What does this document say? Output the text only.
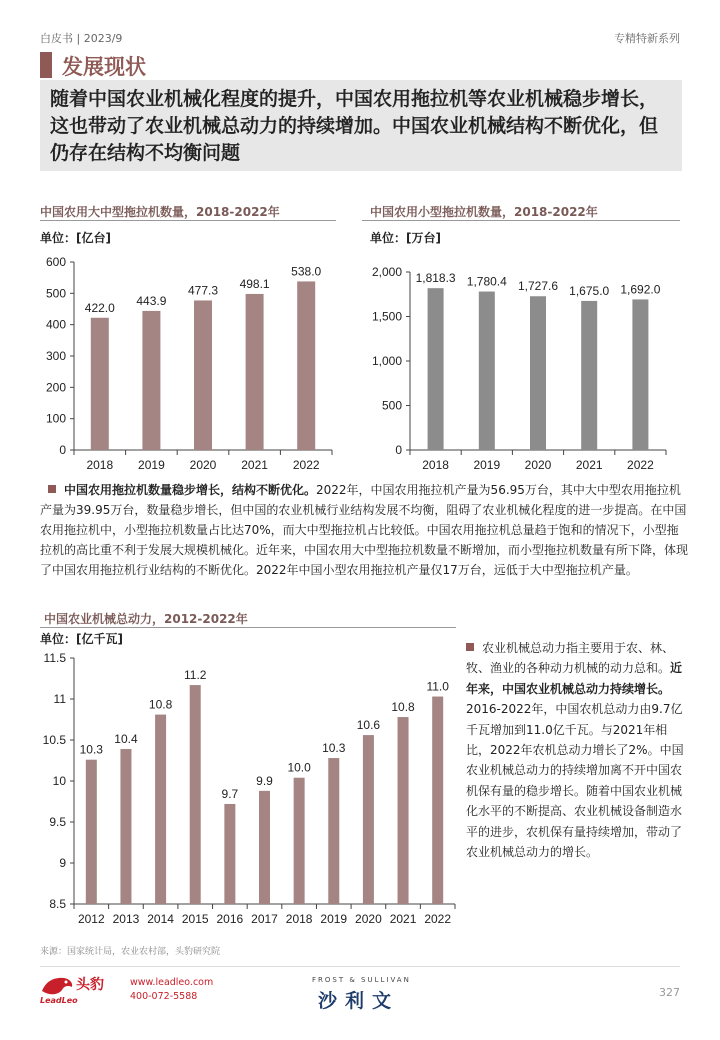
白皮书 | 2023/9	专精特新系列
发展现状
随着中国农业机械化程度的提升，中国农用拖拉机等农业机械稳步增长，这也带动了农业机械总动力的持续增加。中国农业机械结构不断优化，但仍存在结构不均衡问题
中国农用大中型拖拉机数量，2018-2022年
单位：[亿台]
0
100
200
300
400
500
600
422.0
2018
443.9
2019
477.3
2020
498.1
2021
538.0
2022
中国农用小型拖拉机数量，2018-2022年
单位：[万台]
0
500
1,000
1,500
2,000 1,818.3
2018
1,780.4
2019
1,727.6
2020
1,675.0
2021
1,692.0
2022
中国农用拖拉机数量稳步增长，结构不断优化。2022年，中国农用拖拉机产量为56.95万台，其中大中型农用拖拉机产量为39.95万台，数量稳步增长，但中国的农业机械行业结构发展不均衡，阻碍了农业机械化程度的进一步提高。在中国农用拖拉机中，小型拖拉机数量占比达70%，而大中型拖拉机占比较低。中国农用拖拉机总量趋于饱和的情况下，小型拖拉机的高比重不利于发展大规模机械化。近年来，中国农用大中型拖拉机数量不断增加，而小型拖拉机数量有所下降，体现了中国农用拖拉机行业结构的不断优化。2022年中国小型农用拖拉机产量仅17万台，远低于大中型拖拉机产量。
中国农业机械总动力，2012-2022年
单位：[亿千瓦]
8.5
9
9.5
10
10.5
11
11.5
10.3
2012
10.4
2013
10.8
2014
11.2
2015
9.7
2016
9.9
2017
10.0
2018
10.3
2019
10.6
2020
10.8
2021
11.0
2022
农业机械总动力指主要用于农、林、牧、渔业的各种动力机械的动力总和。近年来，中国农业机械总动力持续增长。2016-2022年，中国农机总动力由9.7亿千瓦增加到11.0亿千瓦。与2021年相比，2022年农机总动力增长了2%。中国农业机械总动力的持续增加离不开中国农机保有量的稳步增长。随着中国农业机械化水平的不断提高、农业机械设备制造水平的进步，农机保有量持续增加，带动了农业机械总动力的增长。
来源：国家统计局，农业农村部，头豹研究院
头豹
LeadLeo
www.leadleo.com
400-072-5588
FROST & SULLIVAN
沙利文	327
